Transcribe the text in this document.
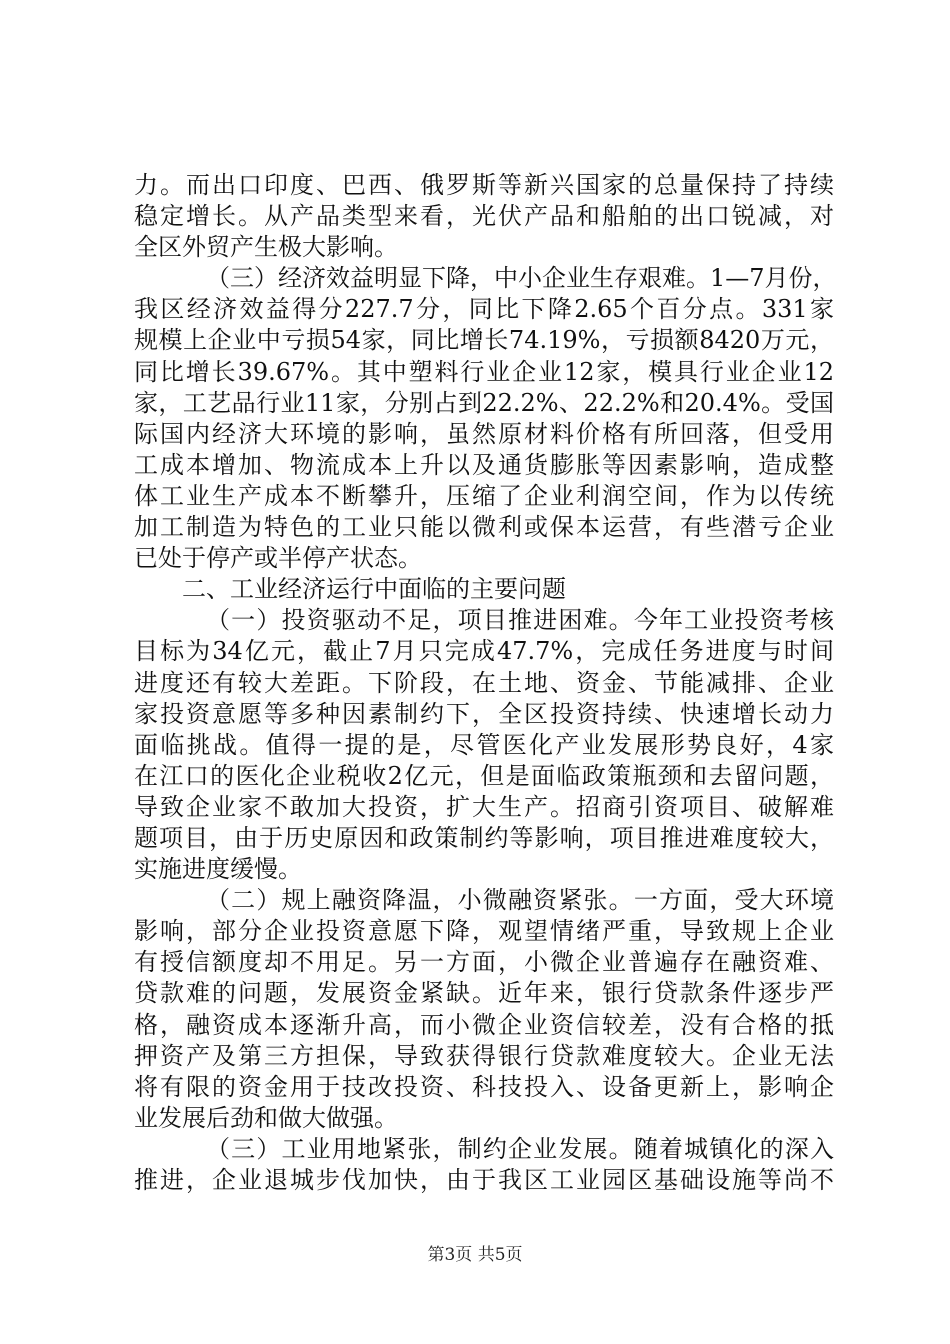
力。而出口印度、巴西、俄罗斯等新兴国家的总量保持了持续
稳定增长。从产品类型来看，光伏产品和船舶的出口锐减，对
全区外贸产生极大影响。
（三）经济效益明显下降，中小企业生存艰难。1—7月份，
我区经济效益得分227.7分，同比下降2.65个百分点。331家
规模上企业中亏损54家，同比增长74.19%，亏损额8420万元，
同比增长39.67%。其中塑料行业企业12家，模具行业企业12
家，工艺品行业11家，分别占到22.2%、22.2%和20.4%。受国
际国内经济大环境的影响，虽然原材料价格有所回落，但受用
工成本增加、物流成本上升以及通货膨胀等因素影响，造成整
体工业生产成本不断攀升，压缩了企业利润空间，作为以传统
加工制造为特色的工业只能以微利或保本运营，有些潜亏企业
已处于停产或半停产状态。
二、工业经济运行中面临的主要问题
（一）投资驱动不足，项目推进困难。今年工业投资考核
目标为34亿元，截止7月只完成47.7%，完成任务进度与时间
进度还有较大差距。下阶段，在土地、资金、节能减排、企业
家投资意愿等多种因素制约下，全区投资持续、快速增长动力
面临挑战。值得一提的是，尽管医化产业发展形势良好，4家
在江口的医化企业税收2亿元，但是面临政策瓶颈和去留问题，
导致企业家不敢加大投资，扩大生产。招商引资项目、破解难
题项目，由于历史原因和政策制约等影响，项目推进难度较大，
实施进度缓慢。
（二）规上融资降温，小微融资紧张。一方面，受大环境
影响，部分企业投资意愿下降，观望情绪严重，导致规上企业
有授信额度却不用足。另一方面，小微企业普遍存在融资难、
贷款难的问题，发展资金紧缺。近年来，银行贷款条件逐步严
格，融资成本逐渐升高，而小微企业资信较差，没有合格的抵
押资产及第三方担保，导致获得银行贷款难度较大。企业无法
将有限的资金用于技改投资、科技投入、设备更新上，影响企
业发展后劲和做大做强。
（三）工业用地紧张，制约企业发展。随着城镇化的深入
推进，企业退城步伐加快，由于我区工业园区基础设施等尚不
第3页 共5页
